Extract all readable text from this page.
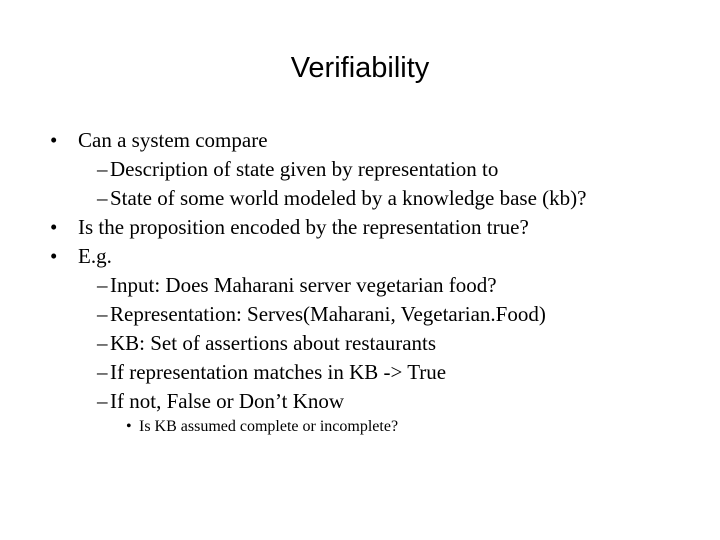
Verifiability
• Can a system compare
– Description of state given by representation to
– State of some world modeled by a knowledge base (kb)?
• Is the proposition encoded by the representation true?
• E.g.
– Input: Does Maharani server vegetarian food?
– Representation: Serves(Maharani, Vegetarian.Food)
– KB: Set of assertions about restaurants
– If representation matches in KB -> True
– If not, False or Don’t Know
• Is KB assumed complete or incomplete?
